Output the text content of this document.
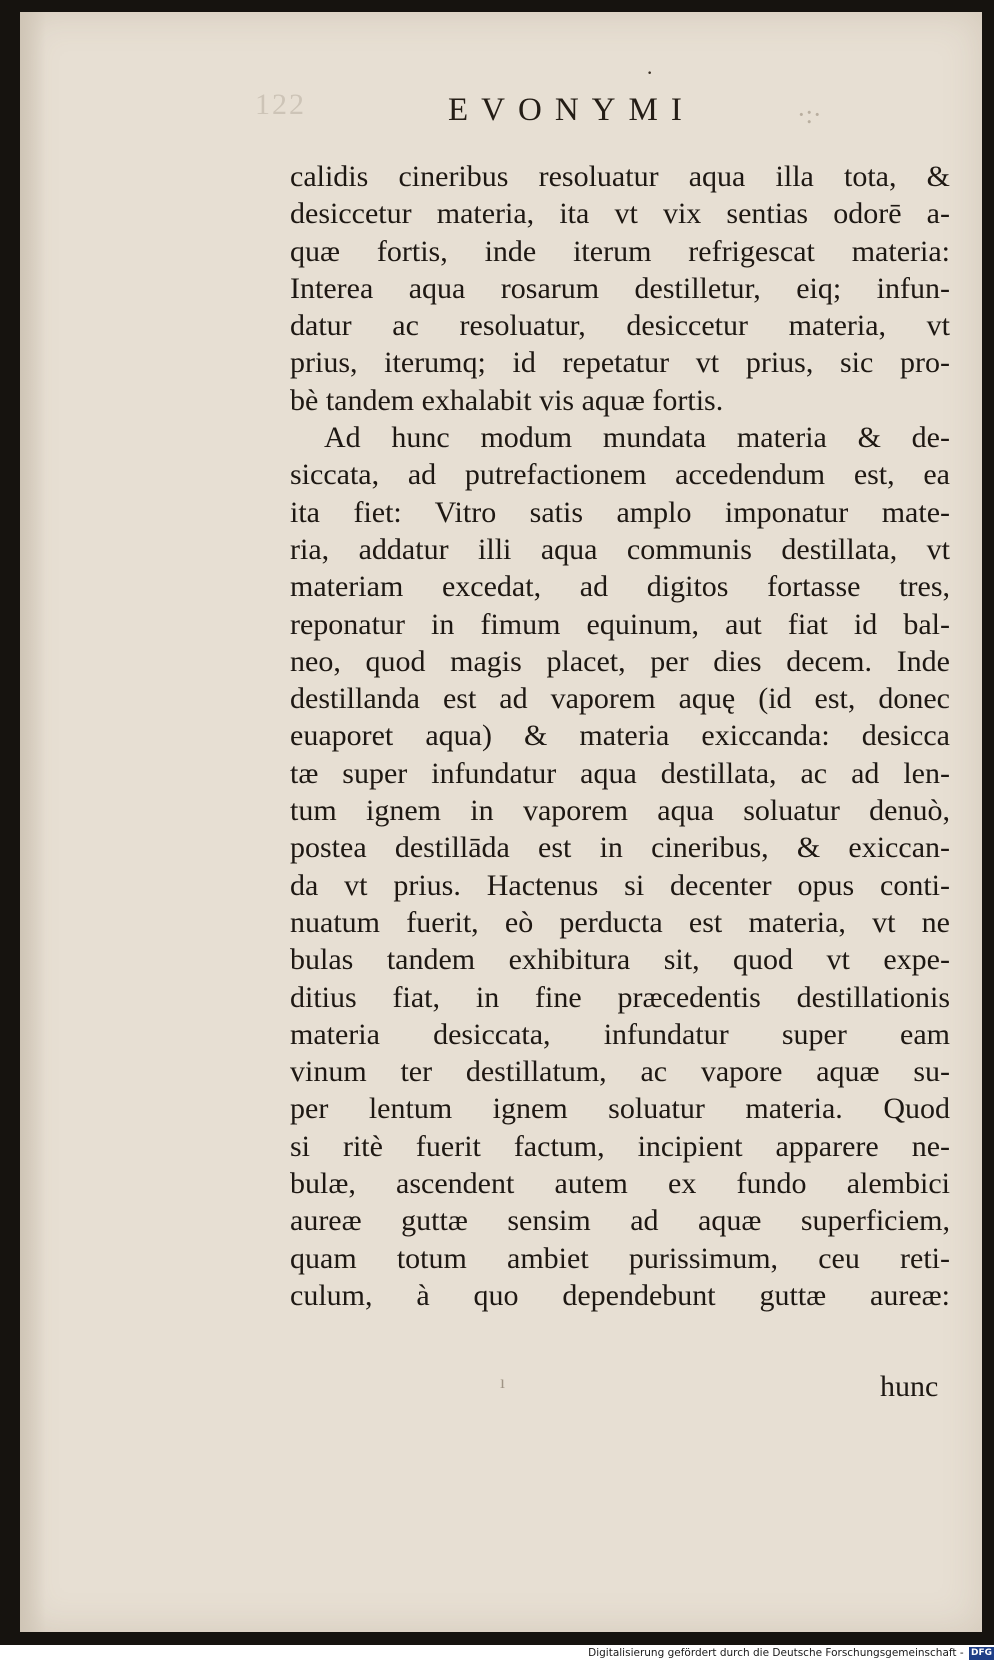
·
122	EVONYMI	·:·
calidis cineribus resoluatur aqua illa tota, &
desiccetur materia, ita vt vix sentias odorē a-
quæ fortis, inde iterum refrigescat materia:
Interea aqua rosarum destilletur, eiq; infun-
datur ac resoluatur, desiccetur materia, vt
prius, iterumq; id repetatur vt prius, sic pro-
bè tandem exhalabit vis aquæ fortis.
Ad hunc modum mundata materia & de-
siccata, ad putrefactionem accedendum est, ea
ita fiet: Vitro satis amplo imponatur mate-
ria, addatur illi aqua communis destillata, vt
materiam excedat, ad digitos fortasse tres,
reponatur in fimum equinum, aut fiat id bal-
neo, quod magis placet, per dies decem. Inde
destillanda est ad vaporem aquę (id est, donec
euaporet aqua) & materia exiccanda: desicca
tæ super infundatur aqua destillata, ac ad len-
tum ignem in vaporem aqua soluatur denuò,
postea destillāda est in cineribus, & exiccan-
da vt prius. Hactenus si decenter opus conti-
nuatum fuerit, eò perducta est materia, vt ne
bulas tandem exhibitura sit, quod vt expe-
ditius fiat, in fine præcedentis destillationis
materia desiccata, infundatur super eam
vinum ter destillatum, ac vapore aquæ su-
per lentum ignem soluatur materia. Quod
si ritè fuerit factum, incipient apparere ne-
bulæ, ascendent autem ex fundo alembici
aureæ guttæ sensim ad aquæ superficiem,
quam totum ambiet purissimum, ceu reti-
culum, à quo dependebunt guttæ aureæ:
ı	hunc
Digitalisierung gefördert durch die Deutsche Forschungsgemeinschaft - DFG
